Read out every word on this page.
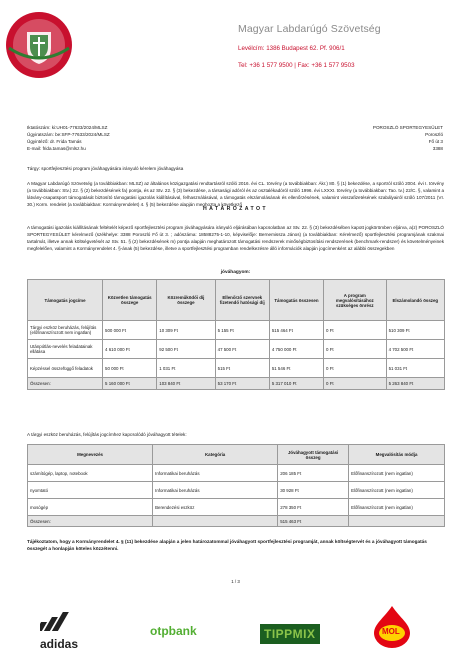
Magyar Labdarúgó Szövetség
Levélcím: 1386 Budapest 62. Pf. 906/1
Tel: +36 1 577 9500 | Fax: +36 1 577 9503
Iktatószám: ki:UH01-77633/2024/MLSZ
Ügyiratszám: be:SFP-77633/2024/MLSZ
Ügyintéző: dr. Frida Tamás
E-mail: frida.tamas@mlsz.hu
POROSZLÓ SPORTEGYESÜLET
Poroszló
Fő út 3
3388
Tárgy: sportfejlesztési program jóváhagyására irányuló kérelem jóváhagyása
A Magyar Labdarúgó Szövetség (a továbbiakban: MLSZ) az általános közigazgatási rendtartásról szóló 2016. évi CL. törvény (a továbbiakban: Ákr.) 80. § (1) bekezdése, a sportról szóló 2004. évi I. törvény (a továbbiakban: Stv.) 22. § (2) bekezdésének fa) pontja, és az Stv. 22. § (3) bekezdése, a társasági adóról és az osztalékadóról szóló 1996. évi LXXXI. törvény (a továbbiakban: Tao. tv.) 22/C. §, valamint a látvány-csapatsport támogatását biztosító támogatási igazolás kiállításával, felhasználásával, a támogatás elszámolásának és ellenőrzésének, valamint visszafizetésének szabályairól szóló 107/2011 (VI. 30.) Korm. rendelet (a továbbiakban: Kormányrendelet) 4. § (5) bekezdése alapján meghozta a következő
HATÁROZATOT
A támogatási igazolás kiállításának feltételét képező sportfejlesztési program jóváhagyására irányuló eljárásában kapcsolatban az Stv. 22. § (3) bekezdésében kapott jogkörömben eljárva, a(z) POROSZLÓ SPORTEGYESÜLET kérelmező (székhelye: 3388 Poroszló Fő út 3. ; adószáma: 18588275-1-10, képviselője: Bernemissza János) (a továbbiakban: Kérelmező) sportfejlesztési programjának szakmai tartalmát, illetve annak költségvetését az Stv. 51. § (2) bekezdésének m) pontja alapján meghatározott támogatási rendszerek minőségbiztosítási rendszerének (benchmark-rendszer) és követelményeinek megfelelően, valamint a Kormányrendelet 4. §-ának (5) bekezdése, illetve a sportfejlesztési programban rendelkezésre álló információk alapján jogcímenként az alábbi összegekben
jóváhagyom:
Támogatás jogcíme	Közvetlen támogatás összege	Közreműködői díj összege	Ellenőrző szervnek fizetendő hatósági díj	Támogatás összesen	A program megvalósításához szükséges önrész	Elszámolandó összeg
Tárgyi eszköz beruházás, felújítás (előfinanszírozott nem ingatlan)	500 000 Ft	10 309 Ft	5 155 Ft	515 464 Ft	0 Ft	510 309 Ft
Utánpótlás-nevelés feladatainak ellátása	4 610 000 Ft	92 500 Ft	47 500 Ft	4 750 000 Ft	0 Ft	4 702 500 Ft
Képzéssel összefüggő feladatok	50 000 Ft	1 031 Ft	515 Ft	51 546 Ft	0 Ft	51 031 Ft
Összesen:	5 160 000 Ft	103 840 Ft	53 170 Ft	5 317 010 Ft	0 Ft	5 263 840 Ft
A tárgyi eszköz beruházás, felújítás jogcímhez kapcsolódó jóváhagyott tételek:
Megnevezés	Kategória	Jóváhagyott támogatási összeg	Megvalósítás módja
számítógép, laptop, notebook	Informatikai beruházás	206 185 Ft	Előfinanszírozott (nem ingatlan)
nyomtató	Informatikai beruházás	30 928 Ft	Előfinanszírozott (nem ingatlan)
mosógép	Berendezési eszköz	278 350 Ft	Előfinanszírozott (nem ingatlan)
Összesen:		515 463 Ft	
Tájékoztatom, hogy a Kormányrendelet 4. § (11) bekezdése alapján a jelen határozatommal jóváhagyott sportfejlesztési programját, annak költségtervét és a jóváhagyott támogatás összegét a honlapján köteles közzétenni.
1 / 3
adidas
otpbank	TIPPMIX	MOL
